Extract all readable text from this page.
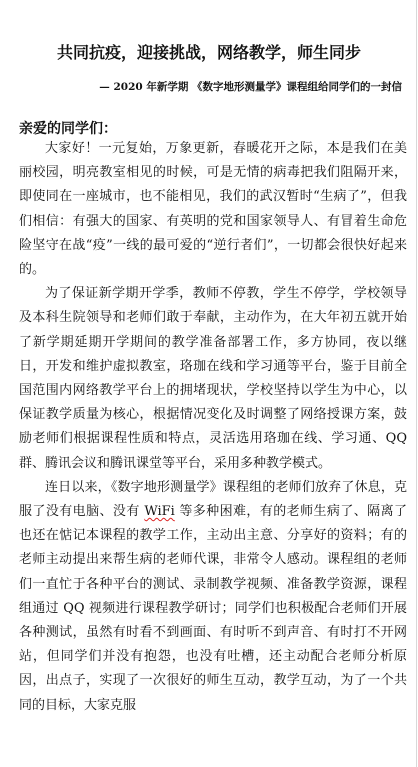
共同抗疫，迎接挑战，网络教学，师生同步
— 2020 年新学期 《数字地形测量学》课程组给同学们的一封信
亲爱的同学们：

大家好！一元复始，万象更新，春暖花开之际，本是我们在美丽校园，明亮教室相见的时候，可是无情的病毒把我们阻隔开来，即使同在一座城市，也不能相见，我们的武汉暂时“生病了”，但我们相信：有强大的国家、有英明的党和国家领导人、有冒着生命危险坚守在战“疫”一线的最可爱的“逆行者们”，一切都会很快好起来的。

为了保证新学期开学季，教师不停教，学生不停学，学校领导及本科生院领导和老师们敢于奉献，主动作为，在大年初五就开始了新学期延期开学期间的教学准备部署工作，多方协同，夜以继日，开发和维护虚拟教室，珞珈在线和学习通等平台，鉴于目前全国范围内网络教学平台上的拥堵现状，学校坚持以学生为中心，以保证教学质量为核心，根据情况变化及时调整了网络授课方案，鼓励老师们根据课程性质和特点，灵活选用珞珈在线、学习通、QQ 群、腾讯会议和腾讯课堂等平台，采用多种教学模式。

连日以来，《数字地形测量学》课程组的老师们放弃了休息，克服了没有电脑、没有 WiFi 等多种困难，有的老师生病了、隔离了也还在惦记本课程的教学工作，主动出主意、分享好的资料；有的老师主动提出来帮生病的老师代课，非常令人感动。课程组的老师们一直忙于各种平台的测试、录制教学视频、准备教学资源，课程组通过 QQ 视频进行课程教学研讨；同学们也积极配合老师们开展各种测试，虽然有时看不到画面、有时听不到声音、有时打不开网站，但同学们并没有抱怨，也没有吐槽，还主动配合老师分析原因，出点子，实现了一次很好的师生互动，教学互动，为了一个共同的目标，大家克服
